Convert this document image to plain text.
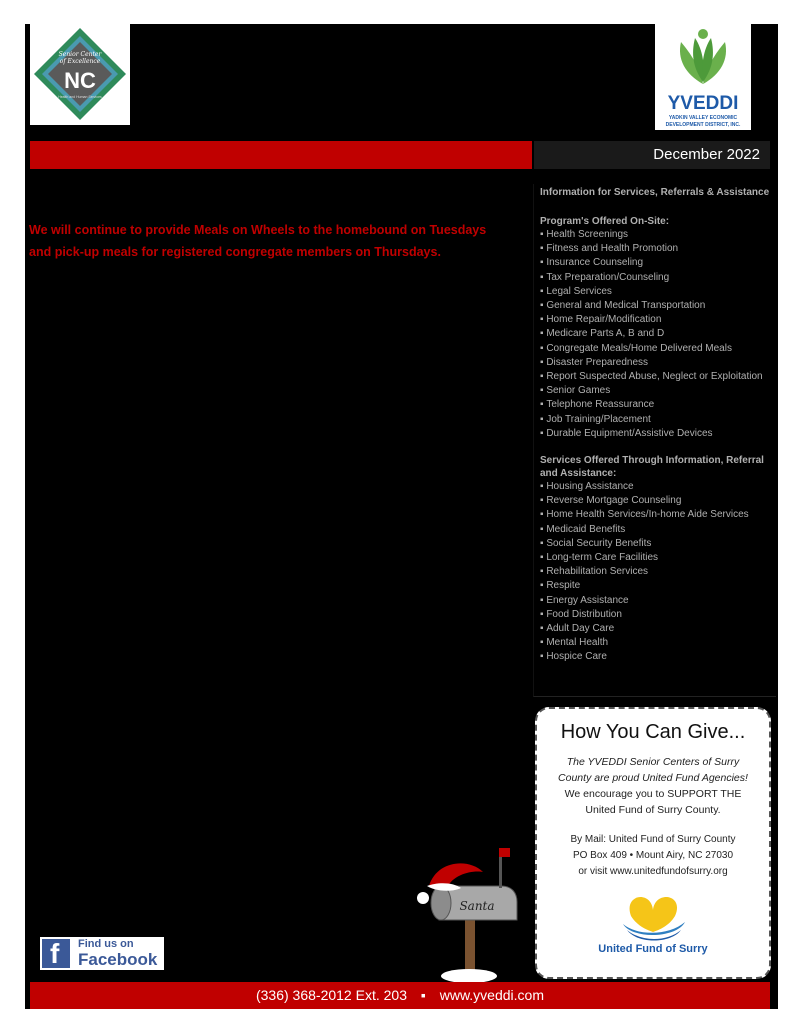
Senior Center
of Excellence
NC
Health and Human Services	YVEDDI
YADKIN VALLEY ECONOMIC
DEVELOPMENT DISTRICT, INC.
December 2022
We will continue to provide Meals on Wheels to the homebound on Tuesdays
and pick-up meals for registered congregate members on Thursdays.
Information for Services, Referrals & Assistance
Program's Offered On-Site:
▪ Health Screenings
▪ Fitness and Health Promotion
▪ Insurance Counseling
▪ Tax Preparation/Counseling
▪ Legal Services
▪ General and Medical Transportation
▪ Home Repair/Modification
▪ Medicare Parts A, B and D
▪ Congregate Meals/Home Delivered Meals
▪ Disaster Preparedness
▪ Report Suspected Abuse, Neglect or Exploitation
▪ Senior Games
▪ Telephone Reassurance
▪ Job Training/Placement
▪ Durable Equipment/Assistive Devices
Services Offered Through Information, Referral and Assistance:
▪ Housing Assistance
▪ Reverse Mortgage Counseling
▪ Home Health Services/In-home Aide Services
▪ Medicaid Benefits
▪ Social Security Benefits
▪ Long-term Care Facilities
▪ Rehabilitation Services
▪ Respite
▪ Energy Assistance
▪ Food Distribution
▪ Adult Day Care
▪ Mental Health
▪ Hospice Care
How You Can Give...
The YVEDDI Senior Centers of Surry
County are proud United Fund Agencies!
We encourage you to SUPPORT THE
United Fund of Surry County.
By Mail: United Fund of Surry County
PO Box 409 • Mount Airy, NC 27030
or visit www.unitedfundofsurry.org
United Fund of Surry
Santa
f Find us on
Facebook
(336) 368-2012 Ext. 203 ▪ www.yveddi.com
